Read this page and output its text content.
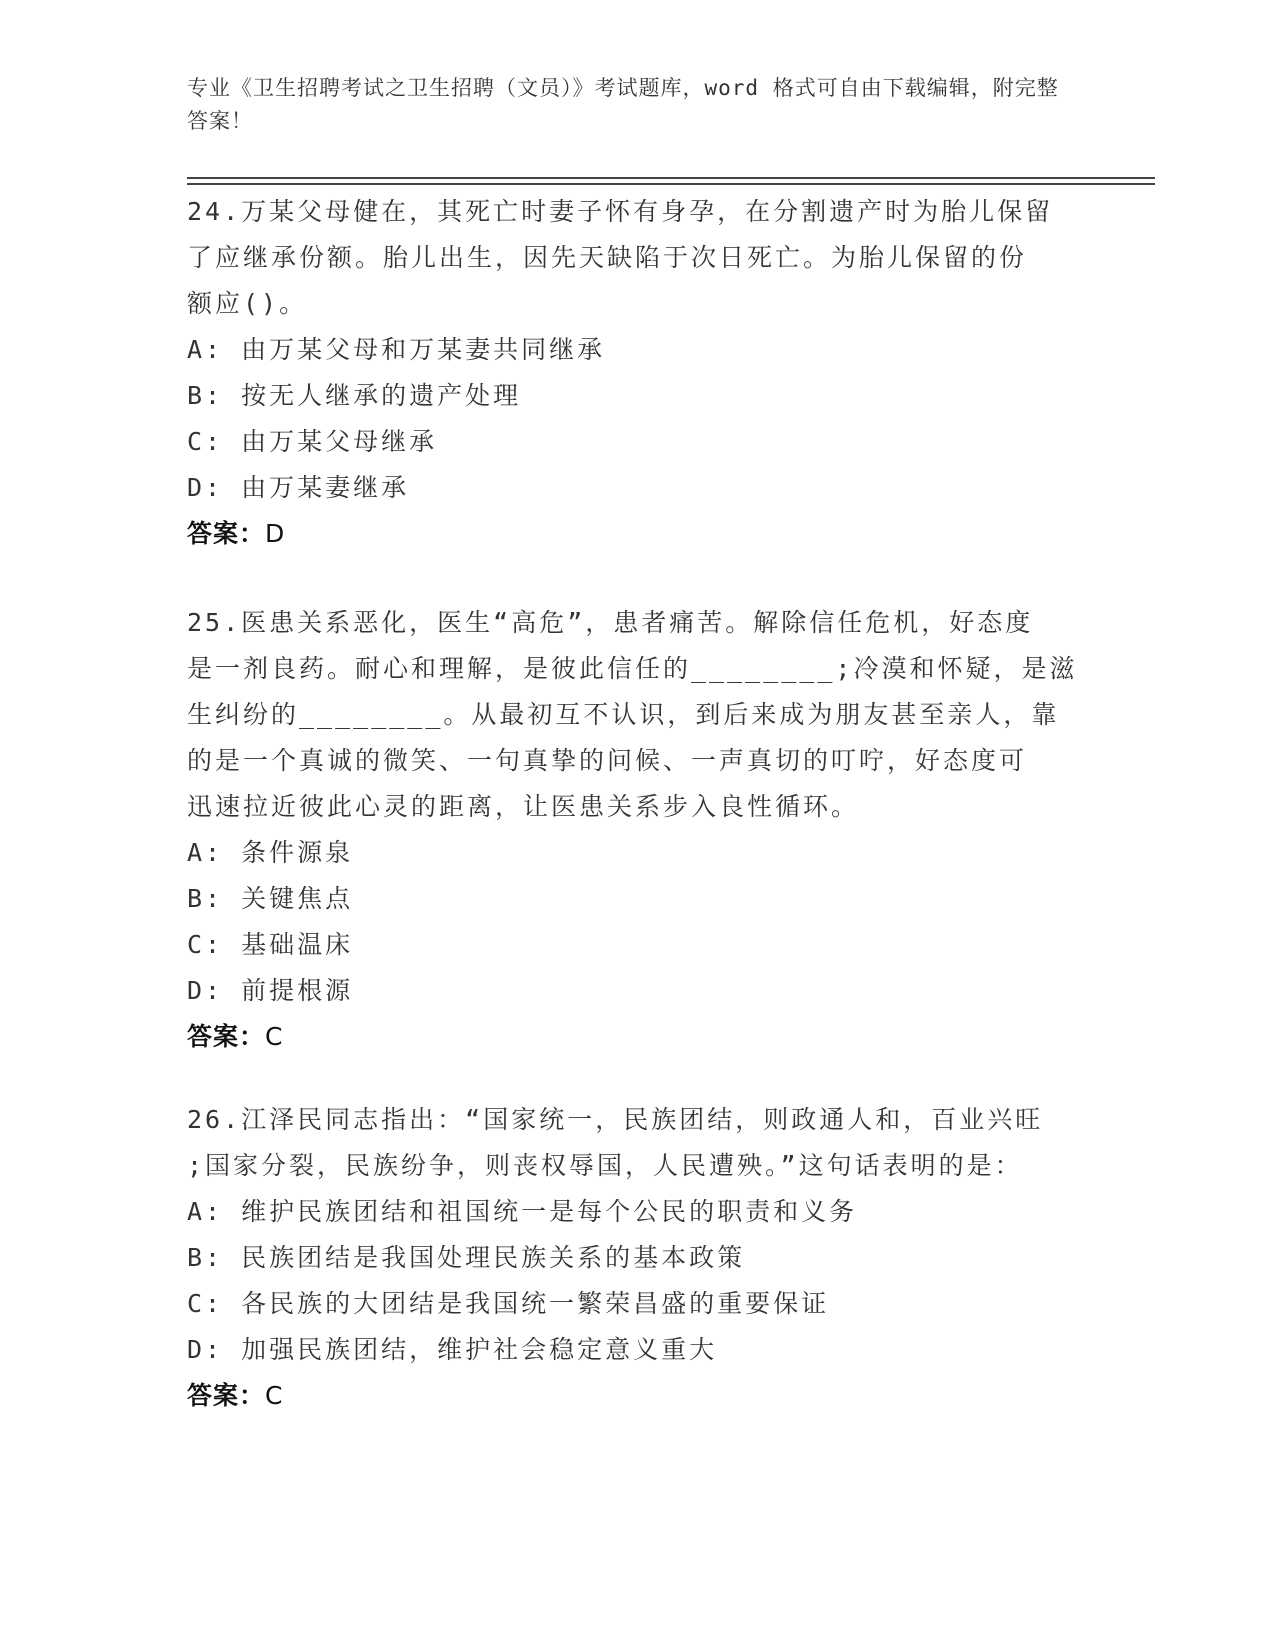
专业《卫生招聘考试之卫生招聘（文员）》考试题库，word 格式可自由下载编辑，附完整答案！
24.万某父母健在，其死亡时妻子怀有身孕，在分割遗产时为胎儿保留
了应继承份额。胎儿出生，因先天缺陷于次日死亡。为胎儿保留的份
额应()。
A: 由万某父母和万某妻共同继承
B: 按无人继承的遗产处理
C: 由万某父母继承
D: 由万某妻继承
答案：D
25.医患关系恶化，医生“高危”，患者痛苦。解除信任危机，好态度
是一剂良药。耐心和理解，是彼此信任的________;冷漠和怀疑，是滋
生纠纷的________。从最初互不认识，到后来成为朋友甚至亲人，靠
的是一个真诚的微笑、一句真挚的问候、一声真切的叮咛，好态度可
迅速拉近彼此心灵的距离，让医患关系步入良性循环。
A: 条件源泉
B: 关键焦点
C: 基础温床
D: 前提根源
答案：C
26.江泽民同志指出：“国家统一，民族团结，则政通人和，百业兴旺
;国家分裂，民族纷争，则丧权辱国，人民遭殃。”这句话表明的是：
A: 维护民族团结和祖国统一是每个公民的职责和义务
B: 民族团结是我国处理民族关系的基本政策
C: 各民族的大团结是我国统一繁荣昌盛的重要保证
D: 加强民族团结，维护社会稳定意义重大
答案：C
